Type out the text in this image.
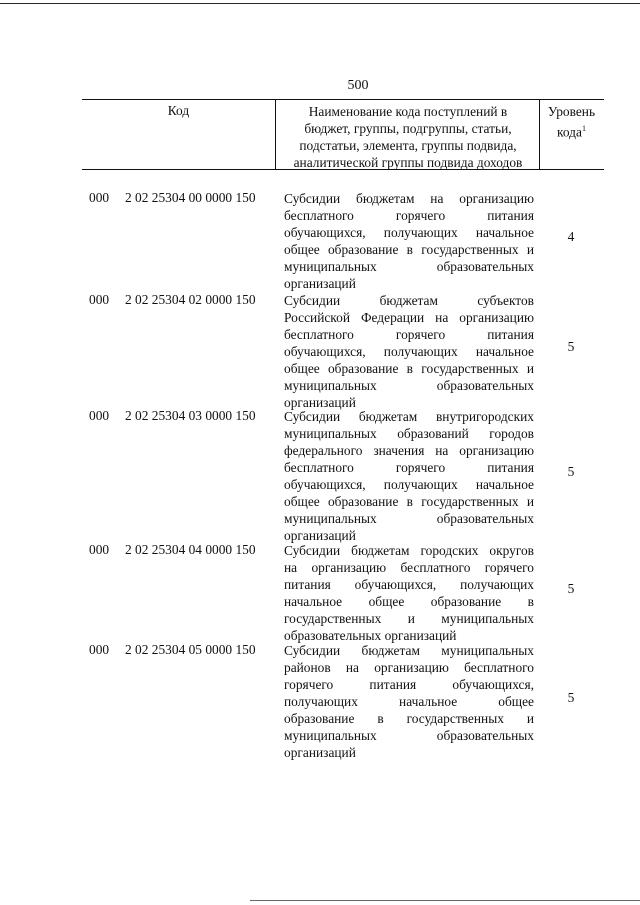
500
Код	Наименование кода поступлений в
бюджет, группы, подгруппы, статьи,
подстатьи, элемента, группы подвида,
аналитической группы подвида доходов
Уровень
кода$^1$
000 2 02 25304 00 0000 150 Субсидии бюджетам на организацию
бесплатного горячего питания
обучающихся, получающих начальное
общее образование в государственных и
муниципальных образовательных
организаций
4
000 2 02 25304 02 0000 150 Субсидии бюджетам субъектов
Российской Федерации на организацию
бесплатного горячего питания
обучающихся, получающих начальное
общее образование в государственных и
муниципальных образовательных
организаций
5
000 2 02 25304 03 0000 150 Субсидии бюджетам внутригородских
муниципальных образований городов
федерального значения на организацию
бесплатного горячего питания
обучающихся, получающих начальное
общее образование в государственных и
муниципальных образовательных
организаций
5
000 2 02 25304 04 0000 150 Субсидии бюджетам городских округов
на организацию бесплатного горячего
питания обучающихся, получающих
начальное общее образование в
государственных и муниципальных
образовательных организаций
5
000 2 02 25304 05 0000 150 Субсидии бюджетам муниципальных
районов на организацию бесплатного
горячего питания обучающихся,
получающих начальное общее
образование в государственных и
муниципальных образовательных
организаций
5
